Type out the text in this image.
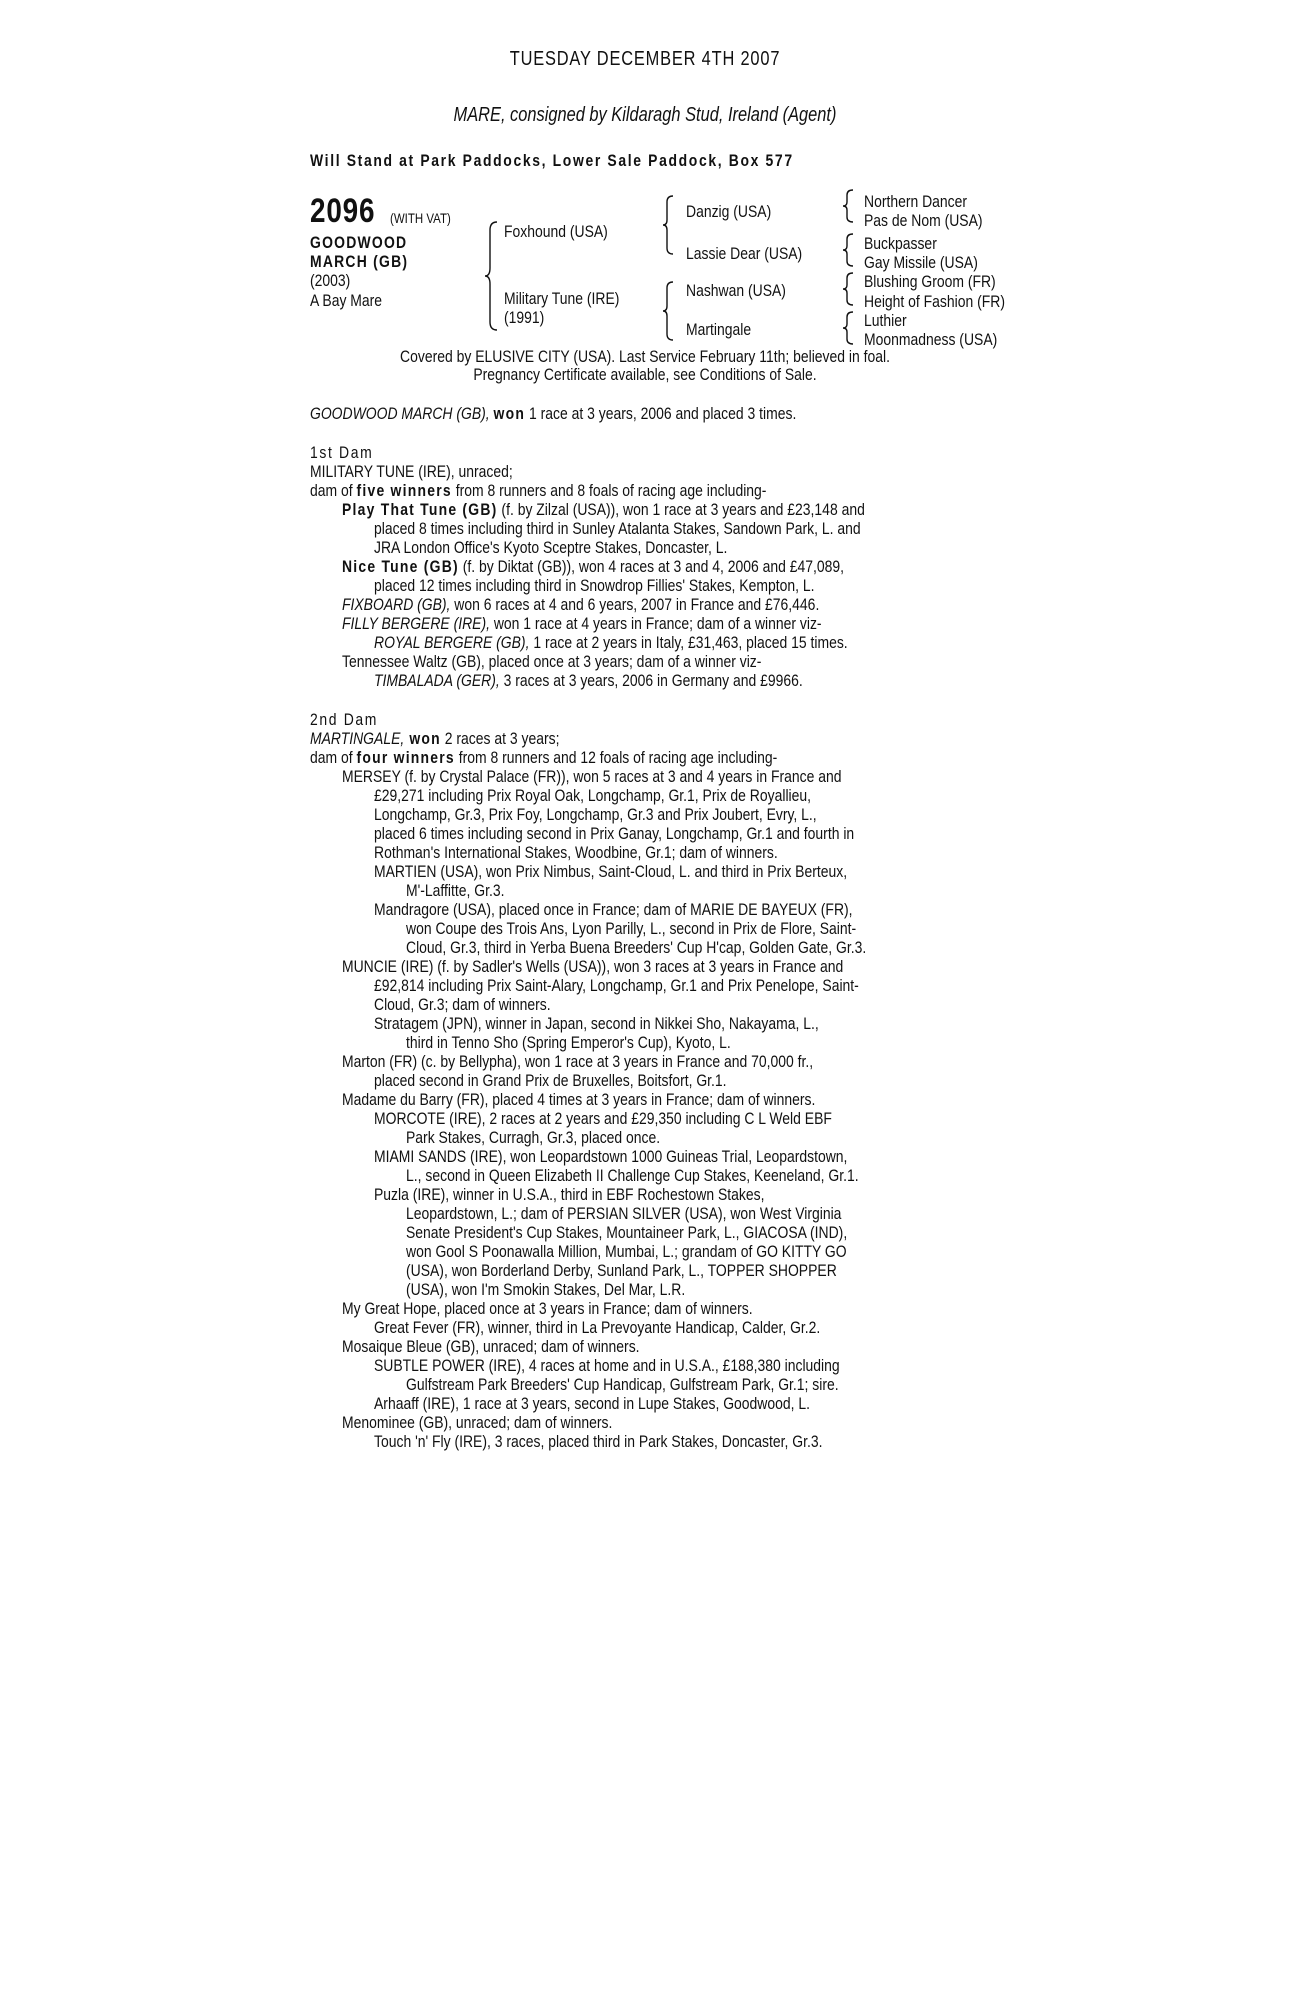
TUESDAY DECEMBER 4TH 2007
MARE, consigned by Kildaragh Stud, Ireland (Agent)
Will Stand at Park Paddocks, Lower Sale Paddock, Box 577
2096 (WITH VAT)
GOODWOOD
MARCH (GB)
(2003)
A Bay Mare
Foxhound (USA)
Military Tune (IRE)
(1991)
Danzig (USA)
Lassie Dear (USA)
Nashwan (USA)
Martingale
Northern Dancer
Pas de Nom (USA)
Buckpasser
Gay Missile (USA)
Blushing Groom (FR)
Height of Fashion (FR)
Luthier
Moonmadness (USA)
Covered by ELUSIVE CITY (USA). Last Service February 11th; believed in foal.
Pregnancy Certificate available, see Conditions of Sale.
GOODWOOD MARCH (GB), won 1 race at 3 years, 2006 and placed 3 times.
1st Dam
MILITARY TUNE (IRE), unraced;
dam of five winners from 8 runners and 8 foals of racing age including-
Play That Tune (GB) (f. by Zilzal (USA)), won 1 race at 3 years and £23,148 and
placed 8 times including third in Sunley Atalanta Stakes, Sandown Park, L. and
JRA London Office's Kyoto Sceptre Stakes, Doncaster, L.
Nice Tune (GB) (f. by Diktat (GB)), won 4 races at 3 and 4, 2006 and £47,089,
placed 12 times including third in Snowdrop Fillies' Stakes, Kempton, L.
FIXBOARD (GB), won 6 races at 4 and 6 years, 2007 in France and £76,446.
FILLY BERGERE (IRE), won 1 race at 4 years in France; dam of a winner viz-
ROYAL BERGERE (GB), 1 race at 2 years in Italy, £31,463, placed 15 times.
Tennessee Waltz (GB), placed once at 3 years; dam of a winner viz-
TIMBALADA (GER), 3 races at 3 years, 2006 in Germany and £9966.
2nd Dam
MARTINGALE, won 2 races at 3 years;
dam of four winners from 8 runners and 12 foals of racing age including-
MERSEY (f. by Crystal Palace (FR)), won 5 races at 3 and 4 years in France and
£29,271 including Prix Royal Oak, Longchamp, Gr.1, Prix de Royallieu,
Longchamp, Gr.3, Prix Foy, Longchamp, Gr.3 and Prix Joubert, Evry, L.,
placed 6 times including second in Prix Ganay, Longchamp, Gr.1 and fourth in
Rothman's International Stakes, Woodbine, Gr.1; dam of winners.
MARTIEN (USA), won Prix Nimbus, Saint-Cloud, L. and third in Prix Berteux,
M'-Laffitte, Gr.3.
Mandragore (USA), placed once in France; dam of MARIE DE BAYEUX (FR),
won Coupe des Trois Ans, Lyon Parilly, L., second in Prix de Flore, Saint-
Cloud, Gr.3, third in Yerba Buena Breeders' Cup H'cap, Golden Gate, Gr.3.
MUNCIE (IRE) (f. by Sadler's Wells (USA)), won 3 races at 3 years in France and
£92,814 including Prix Saint-Alary, Longchamp, Gr.1 and Prix Penelope, Saint-
Cloud, Gr.3; dam of winners.
Stratagem (JPN), winner in Japan, second in Nikkei Sho, Nakayama, L.,
third in Tenno Sho (Spring Emperor's Cup), Kyoto, L.
Marton (FR) (c. by Bellypha), won 1 race at 3 years in France and 70,000 fr.,
placed second in Grand Prix de Bruxelles, Boitsfort, Gr.1.
Madame du Barry (FR), placed 4 times at 3 years in France; dam of winners.
MORCOTE (IRE), 2 races at 2 years and £29,350 including C L Weld EBF
Park Stakes, Curragh, Gr.3, placed once.
MIAMI SANDS (IRE), won Leopardstown 1000 Guineas Trial, Leopardstown,
L., second in Queen Elizabeth II Challenge Cup Stakes, Keeneland, Gr.1.
Puzla (IRE), winner in U.S.A., third in EBF Rochestown Stakes,
Leopardstown, L.; dam of PERSIAN SILVER (USA), won West Virginia
Senate President's Cup Stakes, Mountaineer Park, L., GIACOSA (IND),
won Gool S Poonawalla Million, Mumbai, L.; grandam of GO KITTY GO
(USA), won Borderland Derby, Sunland Park, L., TOPPER SHOPPER
(USA), won I'm Smokin Stakes, Del Mar, L.R.
My Great Hope, placed once at 3 years in France; dam of winners.
Great Fever (FR), winner, third in La Prevoyante Handicap, Calder, Gr.2.
Mosaique Bleue (GB), unraced; dam of winners.
SUBTLE POWER (IRE), 4 races at home and in U.S.A., £188,380 including
Gulfstream Park Breeders' Cup Handicap, Gulfstream Park, Gr.1; sire.
Arhaaff (IRE), 1 race at 3 years, second in Lupe Stakes, Goodwood, L.
Menominee (GB), unraced; dam of winners.
Touch 'n' Fly (IRE), 3 races, placed third in Park Stakes, Doncaster, Gr.3.
